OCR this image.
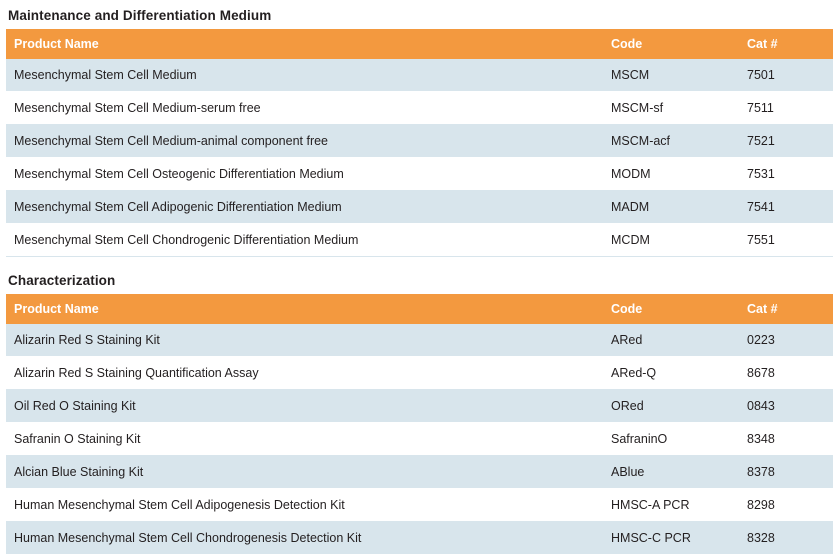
Maintenance and Differentiation Medium
Product Name	Code	Cat #
Mesenchymal Stem Cell Medium	MSCM	7501
Mesenchymal Stem Cell Medium-serum free	MSCM-sf	7511
Mesenchymal Stem Cell Medium-animal component free	MSCM-acf	7521
Mesenchymal Stem Cell Osteogenic Differentiation Medium	MODM	7531
Mesenchymal Stem Cell Adipogenic Differentiation Medium	MADM	7541
Mesenchymal Stem Cell Chondrogenic Differentiation Medium	MCDM	7551
Characterization
Product Name	Code	Cat #
Alizarin Red S Staining Kit	ARed	0223
Alizarin Red S Staining Quantification Assay	ARed-Q	8678
Oil Red O Staining Kit	ORed	0843
Safranin O Staining Kit	SafraninO	8348
Alcian Blue Staining Kit	ABlue	8378
Human Mesenchymal Stem Cell Adipogenesis Detection Kit	HMSC-A PCR	8298
Human Mesenchymal Stem Cell Chondrogenesis Detection Kit	HMSC-C PCR	8328
